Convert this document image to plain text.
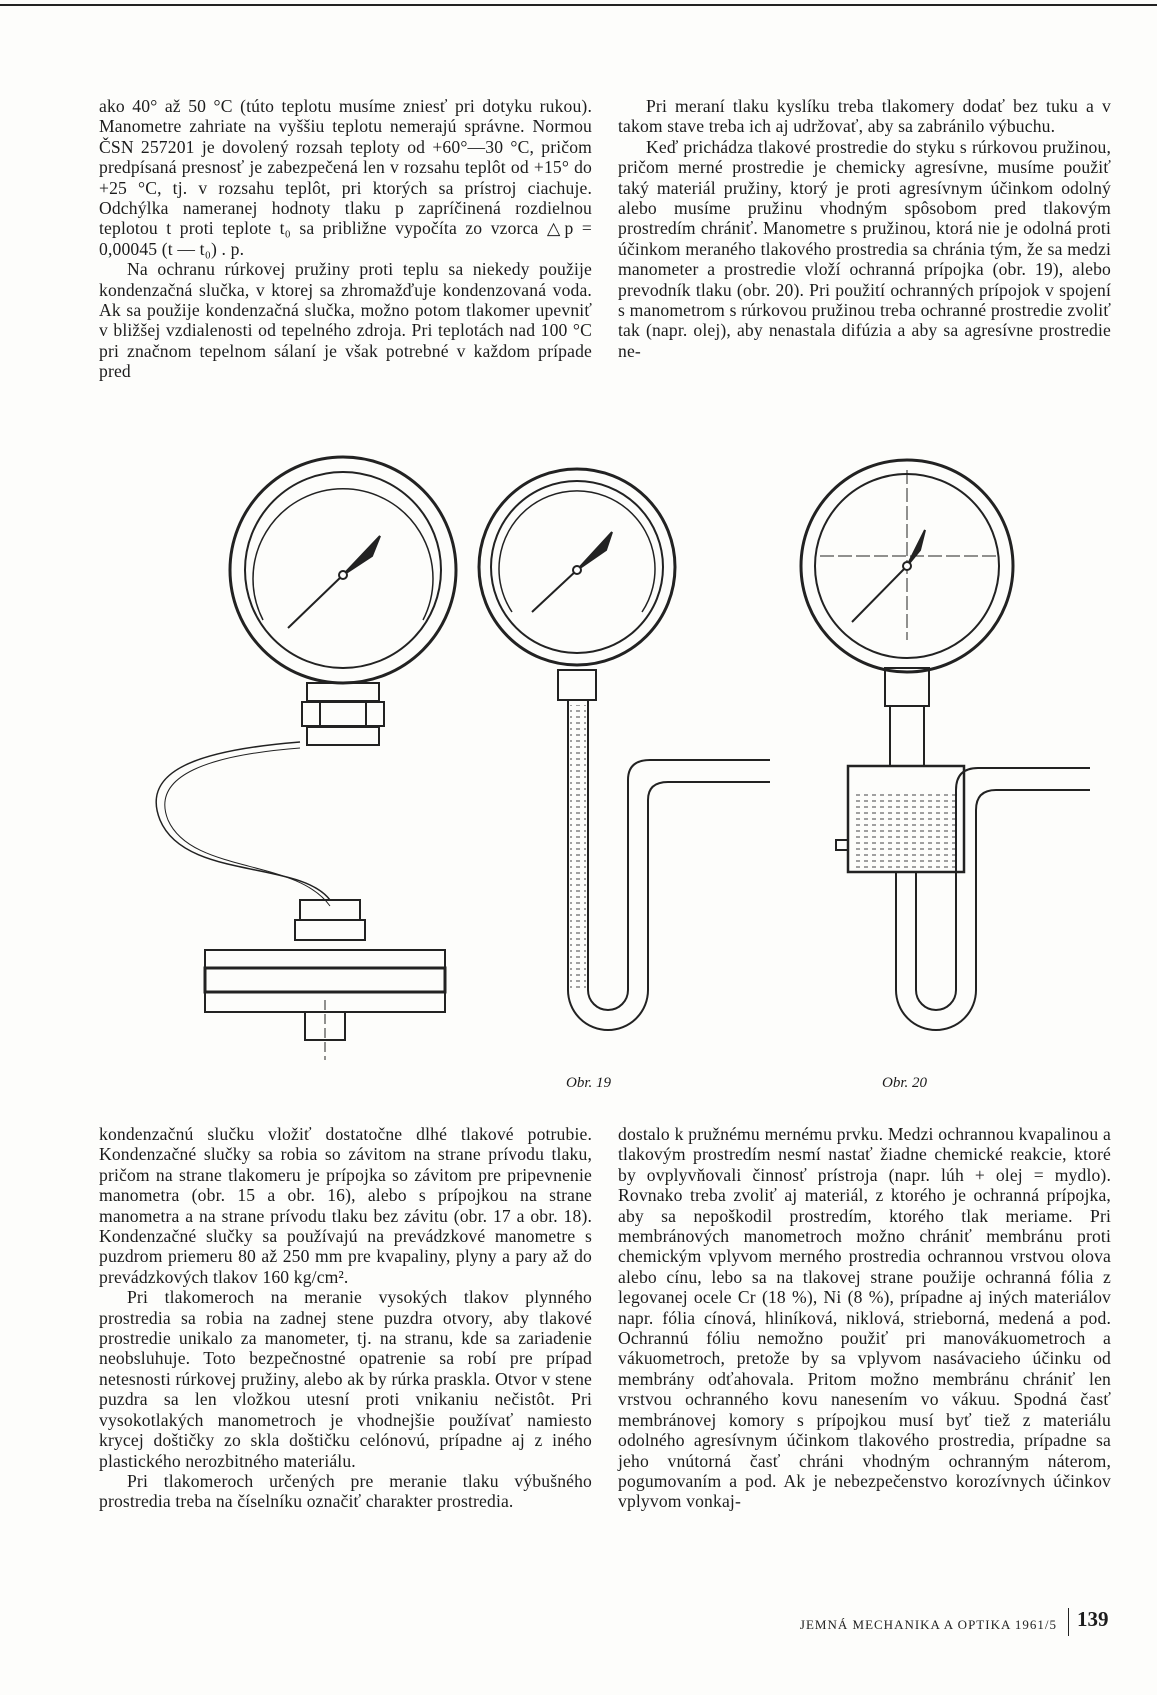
ako 40° až 50 °C (túto teplotu musíme zniesť pri dotyku rukou). Manometre zahriate na vyššiu teplotu nemerajú správne. Normou ČSN 257201 je dovolený rozsah teploty od +60°—30 °C, pričom predpísaná presnosť je zabezpečená len v rozsahu teplôt od +15° do +25 °C, tj. v rozsahu teplôt, pri ktorých sa prístroj ciachuje. Odchýlka nameranej hodnoty tlaku p zapríčinená rozdielnou teplotou t proti teplote t₀ sa približne vypočíta zo vzorca △p = 0,00045 (t — t₀) . p.

Na ochranu rúrkovej pružiny proti teplu sa niekedy použije kondenzačná slučka, v ktorej sa zhromažďuje kondenzovaná voda. Ak sa použije kondenzačná slučka, možno potom tlakomer upevniť v bližšej vzdialenosti od tepelného zdroja. Pri teplotách nad 100 °C pri značnom tepelnom sálaní je však potrebné v každom prípade pred

Pri meraní tlaku kyslíku treba tlakomery dodať bez tuku a v takom stave treba ich aj udržovať, aby sa zabránilo výbuchu.

Keď prichádza tlakové prostredie do styku s rúrkovou pružinou, pričom merné prostredie je chemicky agresívne, musíme použiť taký materiál pružiny, ktorý je proti agresívnym účinkom odolný alebo musíme pružinu vhodným spôsobom pred tlakovým prostredím chrániť. Manometre s pružinou, ktorá nie je odolná proti účinkom meraného tlakového prostredia sa chránia tým, že sa medzi manometer a prostredie vloží ochranná prípojka (obr. 19), alebo prevodník tlaku (obr. 20). Pri použití ochranných prípojok v spojení s manometrom s rúrkovou pružinou treba ochranné prostredie zvoliť tak (napr. olej), aby nenastala difúzia a aby sa agresívne prostredie ne-

Obr. 19	Obr. 20

kondenzačnú slučku vložiť dostatočne dlhé tlakové potrubie. Kondenzačné slučky sa robia so závitom na strane prívodu tlaku, pričom na strane tlakomeru je prípojka so závitom pre pripevnenie manometra (obr. 15 a obr. 16), alebo s prípojkou na strane manometra a na strane prívodu tlaku bez závitu (obr. 17 a obr. 18). Kondenzačné slučky sa používajú na prevádzkové manometre s puzdrom priemeru 80 až 250 mm pre kvapaliny, plyny a pary až do prevádzkových tlakov 160 kg/cm².

Pri tlakomeroch na meranie vysokých tlakov plynného prostredia sa robia na zadnej stene puzdra otvory, aby tlakové prostredie unikalo za manometer, tj. na stranu, kde sa zariadenie neobsluhuje. Toto bezpečnostné opatrenie sa robí pre prípad netesnosti rúrkovej pružiny, alebo ak by rúrka praskla. Otvor v stene puzdra sa len vložkou utesní proti vnikaniu nečistôt. Pri vysokotlakých manometroch je vhodnejšie používať namiesto krycej doštičky zo skla doštičku celónovú, prípadne aj z iného plastického nerozbitného materiálu.

Pri tlakomeroch určených pre meranie tlaku výbušného prostredia treba na číselníku označiť charakter prostredia.

dostalo k pružnému mernému prvku. Medzi ochrannou kvapalinou a tlakovým prostredím nesmí nastať žiadne chemické reakcie, ktoré by ovplyvňovali činnosť prístroja (napr. lúh + olej = mydlo). Rovnako treba zvoliť aj materiál, z ktorého je ochranná prípojka, aby sa nepoškodil prostredím, ktorého tlak meriame. Pri membránových manometroch možno chrániť membránu proti chemickým vplyvom merného prostredia ochrannou vrstvou olova alebo cínu, lebo sa na tlakovej strane použije ochranná fólia z legovanej ocele Cr (18 %), Ni (8 %), prípadne aj iných materiálov napr. fólia cínová, hliníková, niklová, strieborná, medená a pod. Ochrannú fóliu nemožno použiť pri manovákuometroch a vákuometroch, pretože by sa vplyvom nasávacieho účinku od membrány odťahovala. Pritom možno membránu chrániť len vrstvou ochranného kovu nanesením vo vákuu. Spodná časť membránovej komory s prípojkou musí byť tiež z materiálu odolného agresívnym účinkom tlakového prostredia, prípadne sa jeho vnútorná časť chráni vhodným ochranným náterom, pogumovaním a pod. Ak je nebezpečenstvo korozívnych účinkov vplyvom vonkaj-

JEMNÁ MECHANIKA A OPTIKA 1961/5 139
